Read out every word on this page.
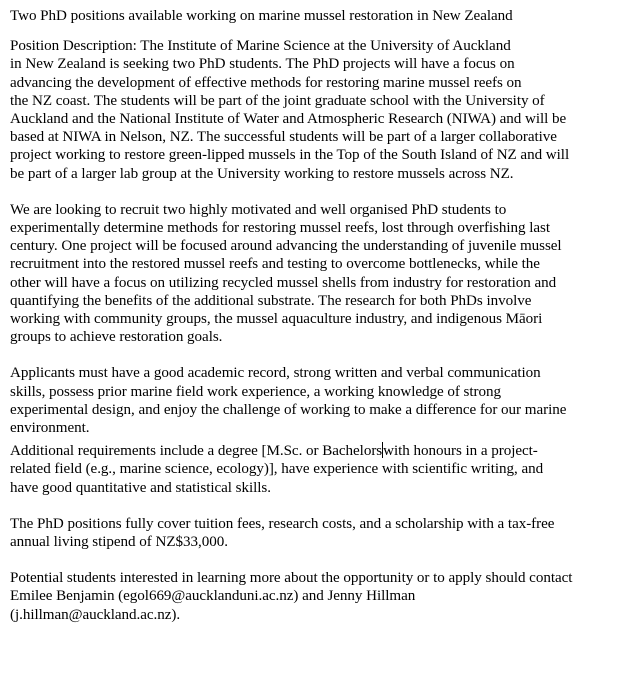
Two PhD positions available working on marine mussel restoration in New Zealand

Position Description: The Institute of Marine Science at the University of Auckland
in New Zealand is seeking two PhD students. The PhD projects will have a focus on
advancing the development of effective methods for restoring marine mussel reefs on
the NZ coast. The students will be part of the joint graduate school with the University of
Auckland and the National Institute of Water and Atmospheric Research (NIWA) and will be
based at NIWA in Nelson, NZ. The successful students will be part of a larger collaborative
project working to restore green-lipped mussels in the Top of the South Island of NZ and will
be part of a larger lab group at the University working to restore mussels across NZ.

We are looking to recruit two highly motivated and well organised PhD students to
experimentally determine methods for restoring mussel reefs, lost through overfishing last
century. One project will be focused around advancing the understanding of juvenile mussel
recruitment into the restored mussel reefs and testing to overcome bottlenecks, while the
other will have a focus on utilizing recycled mussel shells from industry for restoration and
quantifying the benefits of the additional substrate. The research for both PhDs involve
working with community groups, the mussel aquaculture industry, and indigenous Māori
groups to achieve restoration goals.

Applicants must have a good academic record, strong written and verbal communication
skills, possess prior marine field work experience, a working knowledge of strong
experimental design, and enjoy the challenge of working to make a difference for our marine
environment.

Additional requirements include a degree [M.Sc. or Bachelorswith honours in a project-
related field (e.g., marine science, ecology)], have experience with scientific writing, and
have good quantitative and statistical skills.

The PhD positions fully cover tuition fees, research costs, and a scholarship with a tax-free
annual living stipend of NZ$33,000.

Potential students interested in learning more about the opportunity or to apply should contact
Emilee Benjamin (egol669@aucklanduni.ac.nz) and Jenny Hillman
(j.hillman@auckland.ac.nz).
